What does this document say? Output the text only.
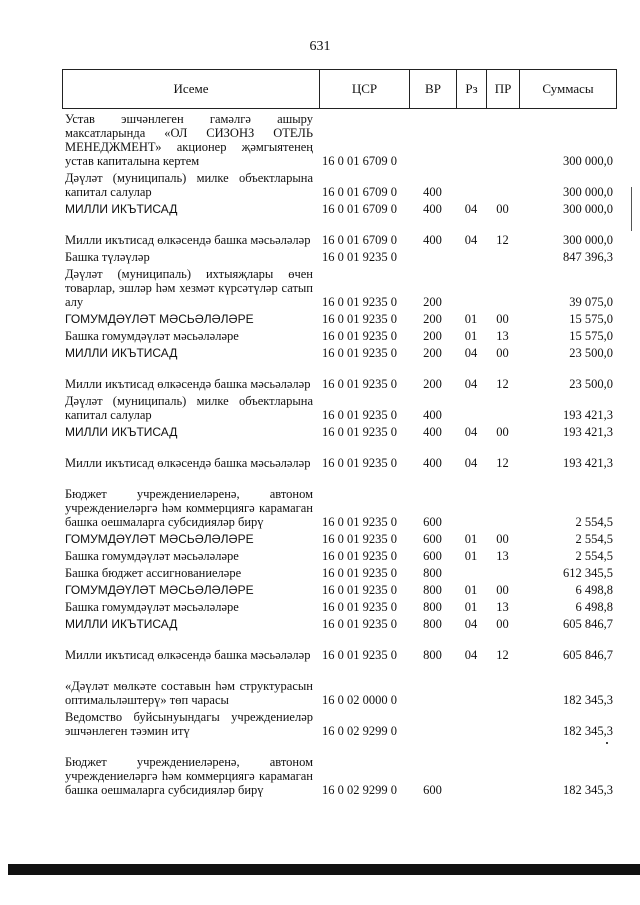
631
Исеме	ЦСР	ВР	Рз	ПР	Суммасы
Устав эшчәнлеген гамәлгә ашыру максатларында «ОЛ СИЗОНЗ ОТЕЛЬ МЕНЕДЖМЕНТ» акционер җәмгыятенең устав капиталына кертем	16 0 01 6709 0	300 000,0
Дәүләт (муниципаль) милке объектларына капитал салулар	16 0 01 6709 0	400	300 000,0
МИЛЛИ ИКЪТИСАД	16 0 01 6709 0	400	04	00	300 000,0
Милли икътисад өлкәсендә башка мәсьәләләр 16 0 01 6709 0	400	04	12	300 000,0
Башка түләүләр	16 0 01 9235 0	847 396,3
Дәүләт (муниципаль) ихтыяҗлары өчен товарлар, эшләр һәм хезмәт күрсәтүләр сатып алу	16 0 01 9235 0	200	39 075,0
ГОМУМДӘҮЛӘТ МӘСЬӘЛӘЛӘРЕ	16 0 01 9235 0	200	01	00	15 575,0
Башка гомумдәүләт мәсьәләләре	16 0 01 9235 0	200	01	13	15 575,0
МИЛЛИ ИКЪТИСАД	16 0 01 9235 0	200	04	00	23 500,0
Милли икътисад өлкәсендә башка мәсьәләләр 16 0 01 9235 0	200	04	12	23 500,0
Дәүләт (муниципаль) милке объектларына капитал салулар	16 0 01 9235 0	400	193 421,3
МИЛЛИ ИКЪТИСАД	16 0 01 9235 0	400	04	00	193 421,3
Милли икътисад өлкәсендә башка мәсьәләләр 16 0 01 9235 0	400	04	12	193 421,3
Бюджет учреждениеләренә, автоном учреждениеләргә һәм коммерциягә карамаган башка оешмаларга субсидияләр бирү	16 0 01 9235 0	600	2 554,5
ГОМУМДӘҮЛӘТ МӘСЬӘЛӘЛӘРЕ	16 0 01 9235 0	600	01	00	2 554,5
Башка гомумдәүләт мәсьәләләре	16 0 01 9235 0	600	01	13	2 554,5
Башка бюджет ассигнованиеләре	16 0 01 9235 0	800	612 345,5
ГОМУМДӘҮЛӘТ МӘСЬӘЛӘЛӘРЕ	16 0 01 9235 0	800	01	00	6 498,8
Башка гомумдәүләт мәсьәләләре	16 0 01 9235 0	800	01	13	6 498,8
МИЛЛИ ИКЪТИСАД	16 0 01 9235 0	800	04	00	605 846,7
Милли икътисад өлкәсендә башка мәсьәләләр 16 0 01 9235 0	800	04	12	605 846,7
«Дәүләт мөлкәте составын һәм структурасын оптимальләштерү» төп чарасы	16 0 02 0000 0	182 345,3
Ведомство буйсынуындагы учреждениеләр эшчәнлеген тәэмин итү	16 0 02 9299 0	182 345,3
Бюджет учреждениеләренә, автоном учреждениеләргә һәм коммерциягә карамаган башка оешмаларга субсидияләр бирү	16 0 02 9299 0	600	182 345,3
